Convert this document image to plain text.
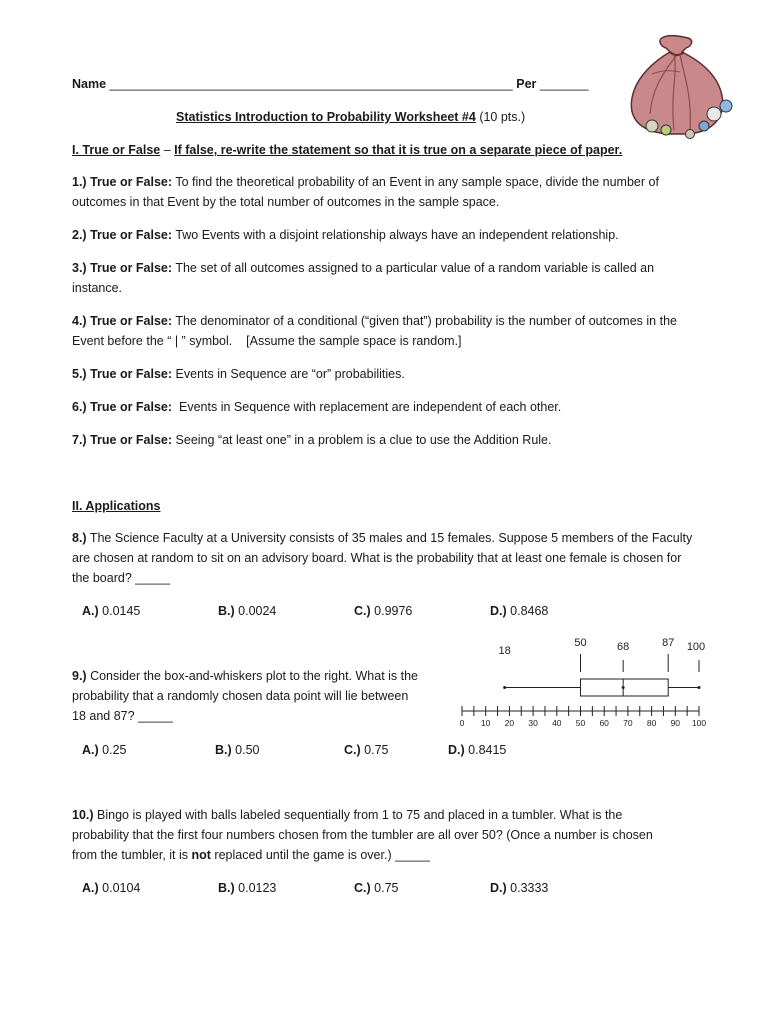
Name __________________________________________________________ Per _______
Statistics Introduction to Probability Worksheet #4 (10 pts.)
I. True or False – If false, re-write the statement so that it is true on a separate piece of paper.
1.) True or False: To find the theoretical probability of an Event in any sample space, divide the number of
outcomes in that Event by the total number of outcomes in the sample space.
2.) True or False: Two Events with a disjoint relationship always have an independent relationship.
3.) True or False: The set of all outcomes assigned to a particular value of a random variable is called an
instance.
4.) True or False: The denominator of a conditional (“given that”) probability is the number of outcomes in the
Event before the “ | ” symbol.    [Assume the sample space is random.]
5.) True or False: Events in Sequence are “or” probabilities.
6.) True or False:  Events in Sequence with replacement are independent of each other.
7.) True or False: Seeing “at least one” in a problem is a clue to use the Addition Rule.
II. Applications
8.) The Science Faculty at a University consists of 35 males and 15 females. Suppose 5 members of the Faculty
are chosen at random to sit on an advisory board. What is the probability that at least one female is chosen for
the board? _____
A.) 0.0145	B.) 0.0024	C.) 0.9976	D.) 0.8468
9.) Consider the box-and-whiskers plot to the right. What is the
probability that a randomly chosen data point will lie between
18 and 87? _____
A.) 0.25	B.) 0.50	C.) 0.75	D.) 0.8415
0 10 20 30 40 50 60 70 80 90 100
18
50	68	87 100
10.) Bingo is played with balls labeled sequentially from 1 to 75 and placed in a tumbler. What is the
probability that the first four numbers chosen from the tumbler are all over 50? (Once a number is chosen
from the tumbler, it is not replaced until the game is over.) _____
A.) 0.0104	B.) 0.0123	C.) 0.75	D.) 0.3333
